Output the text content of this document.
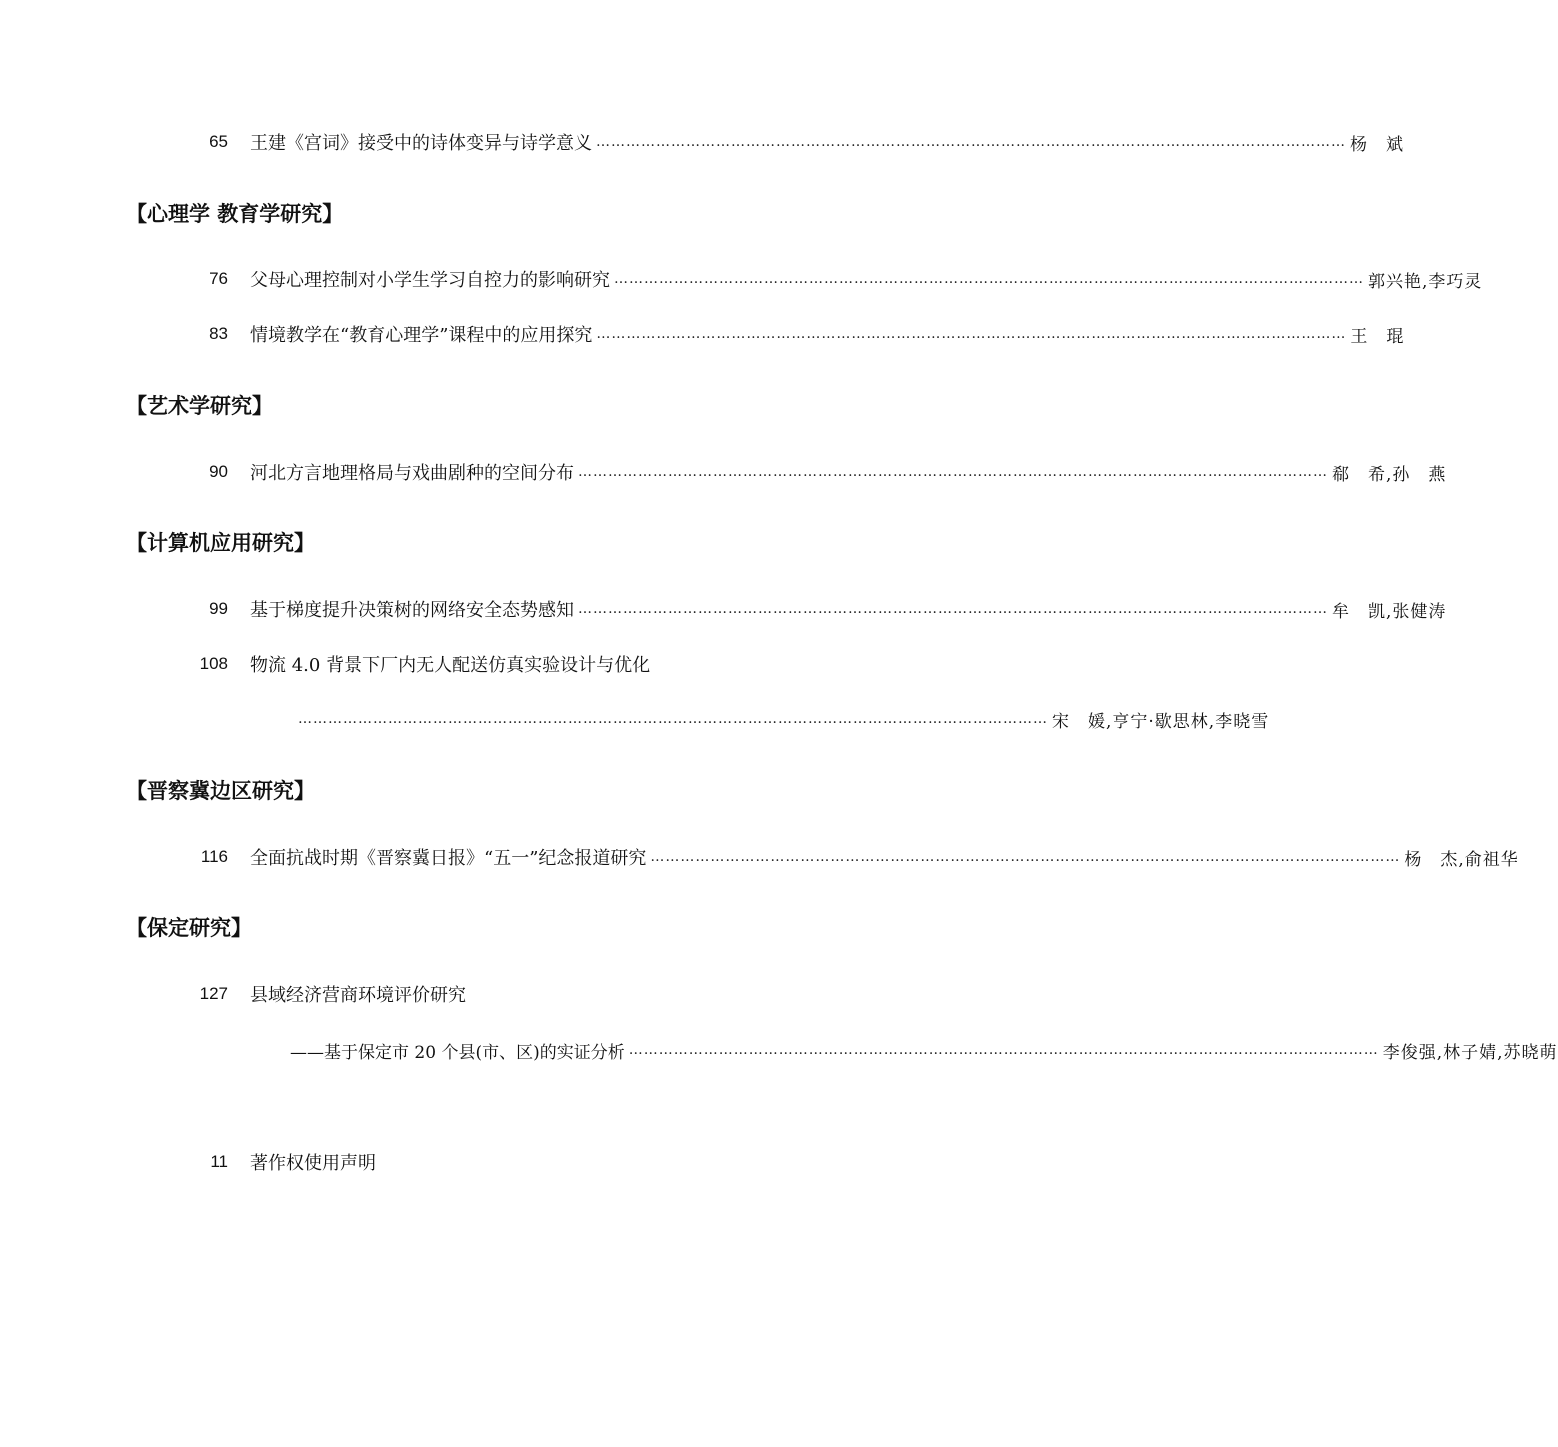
65 王建《宫词》接受中的诗体变异与诗学意义 …………………………………………………………………………………………………………………………………… 杨　斌
【心理学 教育学研究】
76 父母心理控制对小学生学习自控力的影响研究 …………………………………………………………………………………………………………………………………… 郭兴艳,李巧灵
83 情境教学在“教育心理学”课程中的应用探究 …………………………………………………………………………………………………………………………………… 王　琨
【艺术学研究】
90 河北方言地理格局与戏曲剧种的空间分布 …………………………………………………………………………………………………………………………………… 郗　希,孙　燕
【计算机应用研究】
99 基于梯度提升决策树的网络安全态势感知 …………………………………………………………………………………………………………………………………… 牟　凯,张健涛
108 物流 4.0 背景下厂内无人配送仿真实验设计与优化
…………………………………………………………………………………………………………………………………… 宋　媛,亨宁·歇思林,李晓雪
【晋察冀边区研究】
116 全面抗战时期《晋察冀日报》“五一”纪念报道研究 …………………………………………………………………………………………………………………………………… 杨　杰,俞祖华
【保定研究】
127 县域经济营商环境评价研究
——基于保定市 20 个县(市、区)的实证分析 …………………………………………………………………………………………………………………………………… 李俊强,林子婧,苏晓萌
11 著作权使用声明
